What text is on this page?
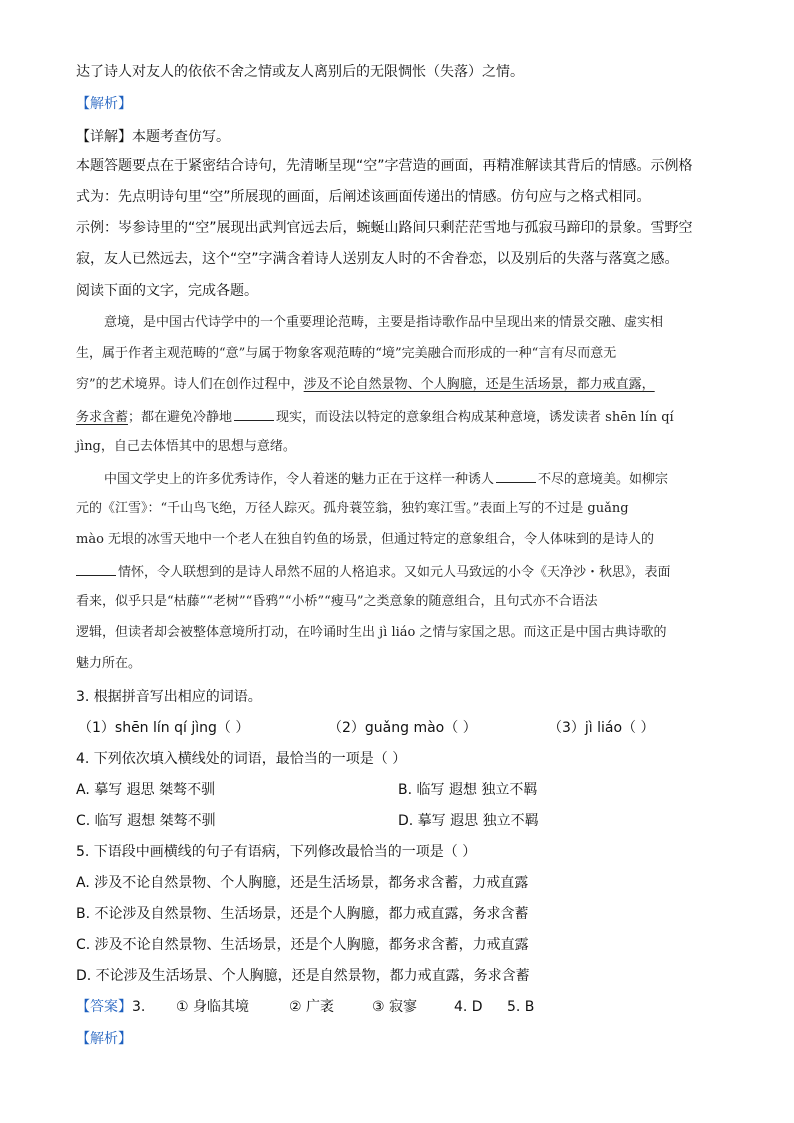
达了诗人对友人的依依不舍之情或友人离别后的无限惆怅（失落）之情。
【解析】
【详解】本题考查仿写。
本题答题要点在于紧密结合诗句，先清晰呈现“空”字营造的画面，再精准解读其背后的情感。示例格
式为：先点明诗句里“空”所展现的画面，后阐述该画面传递出的情感。仿句应与之格式相同。
示例：岑参诗里的“空”展现出武判官远去后，蜿蜒山路间只剩茫茫雪地与孤寂马蹄印的景象。雪野空
寂，友人已然远去，这个“空”字满含着诗人送别友人时的不舍眷恋，以及别后的失落与落寞之感。
阅读下面的文字，完成各题。
意境，是中国古代诗学中的一个重要理论范畴，主要是指诗歌作品中呈现出来的情景交融、虚实相
生，属于作者主观范畴的“意”与属于物象客观范畴的“境”完美融合而形成的一种“言有尽而意无
穷”的艺术境界。诗人们在创作过程中，涉及不论自然景物、个人胸臆，还是生活场景，都力戒直露，
务求含蓄；都在避免冷静地	现实，而设法以特定的意象组合构成某种意境，诱发读者 shēn lín qí
jìng，自己去体悟其中的思想与意绪。
中国文学史上的许多优秀诗作，令人着迷的魅力正在于这样一种诱人	不尽的意境美。如柳宗
元的《江雪》：“千山鸟飞绝，万径人踪灭。孤舟蓑笠翁，独钓寒江雪。”表面上写的不过是 guǎng
mào 无垠的冰雪天地中一个老人在独自钓鱼的场景，但通过特定的意象组合，令人体味到的是诗人的
情怀，令人联想到的是诗人昂然不屈的人格追求。又如元人马致远的小令《天净沙・秋思》，表面
看来，似乎只是“枯藤”“老树”“昏鸦”“小桥”“瘦马”之类意象的随意组合，且句式亦不合语法
逻辑，但读者却会被整体意境所打动，在吟诵时生出 jì liáo 之情与家国之思。而这正是中国古典诗歌的
魅力所在。
3. 根据拼音写出相应的词语。
（1）shēn lín qí jìng（ ）	（2）guǎng mào（ ）	（3）jì liáo（ ）
4. 下列依次填入横线处的词语，最恰当的一项是（ ）
A. 摹写 遐思 桀骜不驯	B. 临写 遐想 独立不羁
C. 临写 遐想 桀骜不驯	D. 摹写 遐思 独立不羁
5. 下语段中画横线的句子有语病，下列修改最恰当的一项是（ ）
A. 涉及不论自然景物、个人胸臆，还是生活场景，都务求含蓄，力戒直露
B. 不论涉及自然景物、生活场景，还是个人胸臆，都力戒直露，务求含蓄
C. 涉及不论自然景物、生活场景，还是个人胸臆，都务求含蓄，力戒直露
D. 不论涉及生活场景、个人胸臆，还是自然景物，都力戒直露，务求含蓄
【答案】 3. ① 身临其境	② 广袤	③ 寂寥	4. D 5. B
【解析】
